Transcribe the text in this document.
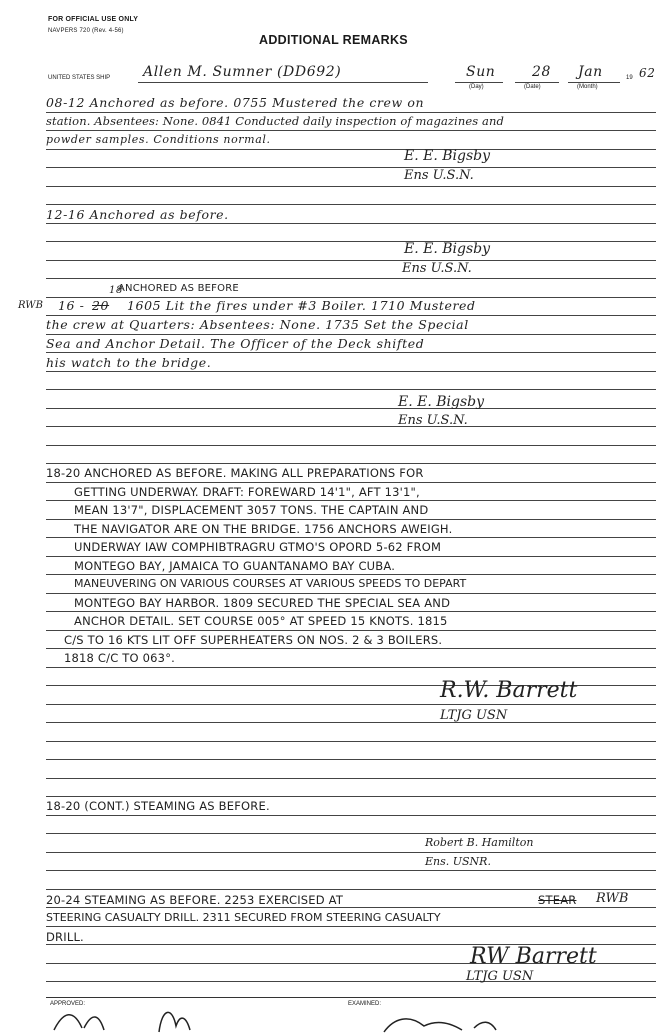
FOR OFFICIAL USE ONLY
NAVPERS 720 (Rev. 4-56)
ADDITIONAL REMARKS
UNITED STATES SHIP Allen M. Sumner (DD692)	Sun
(Day)
28
(Date)
Jan
(Month)
19 62
08-12 Anchored as before. 0755 Mustered the crew on
station. Absentees: None. 0841 Conducted daily inspection of magazines and
powder samples. Conditions normal.
E. E. Bigsby
Ens U.S.N.
12-16 Anchored as before.
E. E. Bigsby
Ens U.S.N.
ANCHORED AS BEFORE
RWB 16 - 20
18
1605 Lit the fires under #3 Boiler. 1710 Mustered
the crew at Quarters: Absentees: None. 1735 Set the Special
Sea and Anchor Detail. The Officer of the Deck shifted
his watch to the bridge.
E. E. Bigsby
Ens U.S.N.
18-20 ANCHORED AS BEFORE. MAKING ALL PREPARATIONS FOR
GETTING UNDERWAY. DRAFT: FOREWARD 14'1", AFT 13'1",
MEAN 13'7", DISPLACEMENT 3057 TONS. THE CAPTAIN AND
THE NAVIGATOR ARE ON THE BRIDGE. 1756 ANCHORS AWEIGH.
UNDERWAY IAW COMPHIBTRAGRU GTMO'S OPORD 5-62 FROM
MONTEGO BAY, JAMAICA TO GUANTANAMO BAY CUBA.
MANEUVERING ON VARIOUS COURSES AT VARIOUS SPEEDS TO DEPART
MONTEGO BAY HARBOR. 1809 SECURED THE SPECIAL SEA AND
ANCHOR DETAIL. SET COURSE 005° AT SPEED 15 KNOTS. 1815
C/S TO 16 KTS LIT OFF SUPERHEATERS ON NOS. 2 & 3 BOILERS.
1818 C/C TO 063°.
R.W. Barrett
LTJG USN
18-20 (CONT.) STEAMING AS BEFORE.
Robert B. Hamilton
Ens. USNR.
20-24 STEAMING AS BEFORE. 2253 EXERCISED AT	STEAR RWB
STEERING CASUALTY DRILL. 2311 SECURED FROM STEERING CASUALTY
DRILL.
RW Barrett
LTJG USN
APPROVED:	EXAMINED:
